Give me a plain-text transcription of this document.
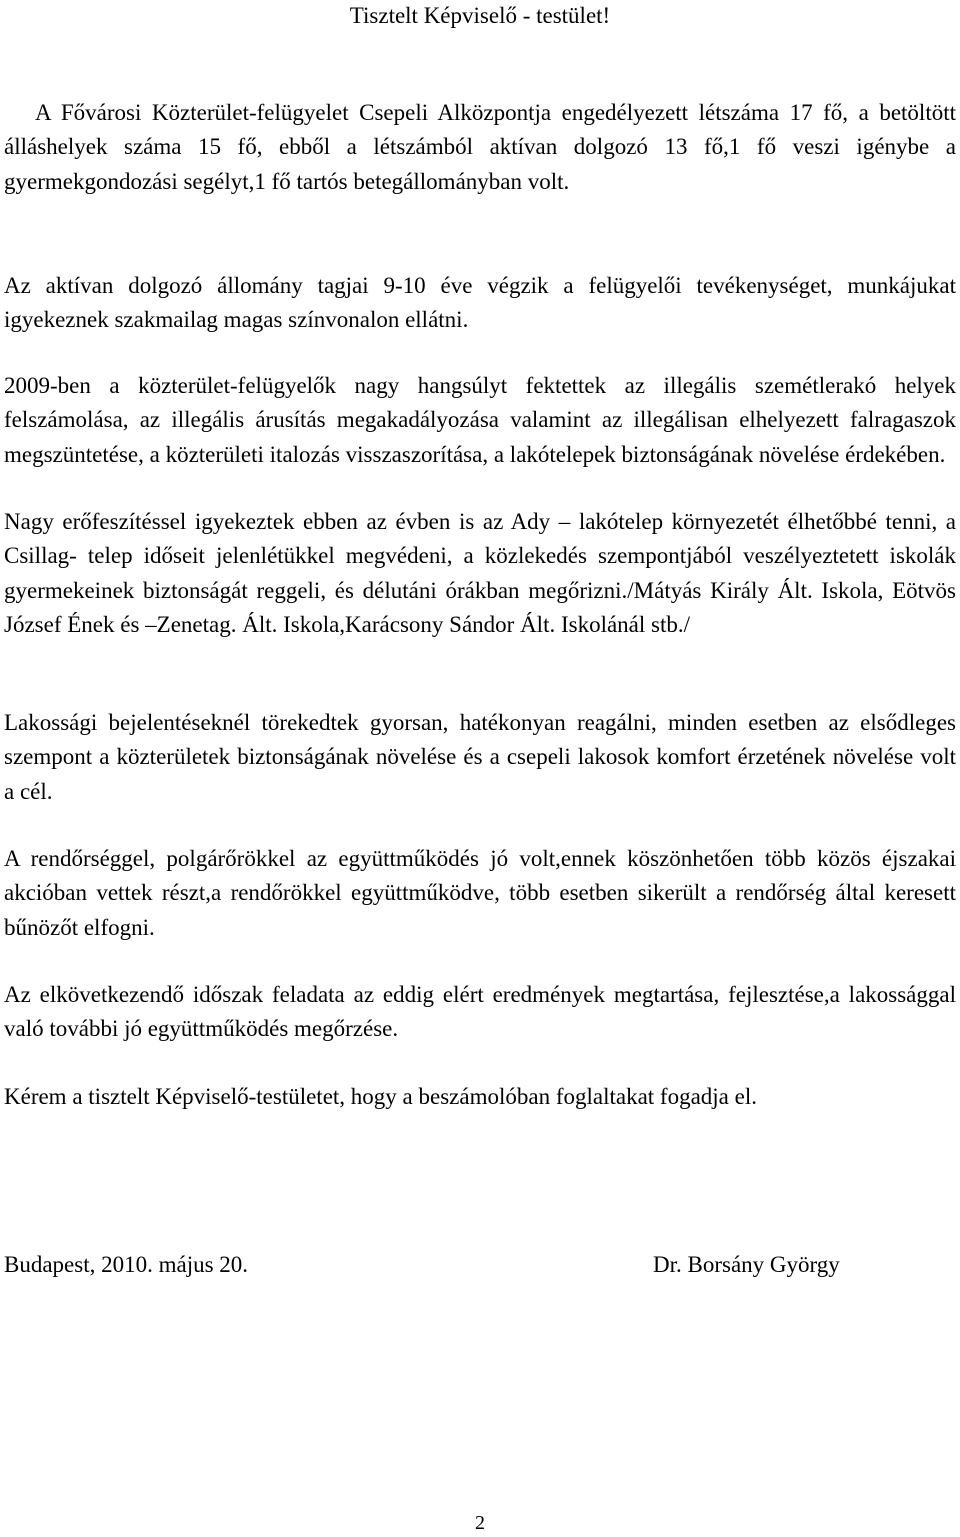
Tisztelt Képviselő - testület!

A Fővárosi Közterület-felügyelet Csepeli Alközpontja engedélyezett létszáma 17 fő, a betöltött álláshelyek száma 15 fő, ebből a létszámból aktívan dolgozó 13 fő,1 fő veszi igénybe a gyermekgondozási segélyt,1 fő tartós betegállományban volt.

Az aktívan dolgozó állomány tagjai 9-10 éve végzik a felügyelői tevékenységet, munkájukat igyekeznek szakmailag magas színvonalon ellátni.

2009-ben a közterület-felügyelők nagy hangsúlyt fektettek az illegális szemétlerakó helyek felszámolása, az illegális árusítás megakadályozása valamint az illegálisan elhelyezett falragaszok megszüntetése, a közterületi italozás visszaszorítása, a lakótelepek biztonságának növelése érdekében.

Nagy erőfeszítéssel igyekeztek ebben az évben is az Ady – lakótelep környezetét élhetőbbé tenni, a Csillag- telep időseit jelenlétükkel megvédeni, a közlekedés szempontjából veszélyeztetett iskolák gyermekeinek biztonságát reggeli, és délutáni órákban megőrizni./Mátyás Király Ált. Iskola, Eötvös József Ének és –Zenetag. Ált. Iskola,Karácsony Sándor Ált. Iskolánál stb./

Lakossági bejelentéseknél törekedtek gyorsan, hatékonyan reagálni, minden esetben az elsődleges szempont a közterületek biztonságának növelése és a csepeli lakosok komfort érzetének növelése volt a cél.

A rendőrséggel, polgárőrökkel az együttműködés jó volt,ennek köszönhetően több közös éjszakai akcióban vettek részt,a rendőrökkel együttműködve, több esetben sikerült a rendőrség által keresett bűnözőt elfogni.

Az elkövetkezendő időszak feladata az eddig elért eredmények megtartása, fejlesztése,a lakossággal való további jó együttműködés megőrzése.

Kérem a tisztelt Képviselő-testületet, hogy a beszámolóban foglaltakat fogadja el.

Budapest, 2010. május 20.	Dr. Borsány György
2
